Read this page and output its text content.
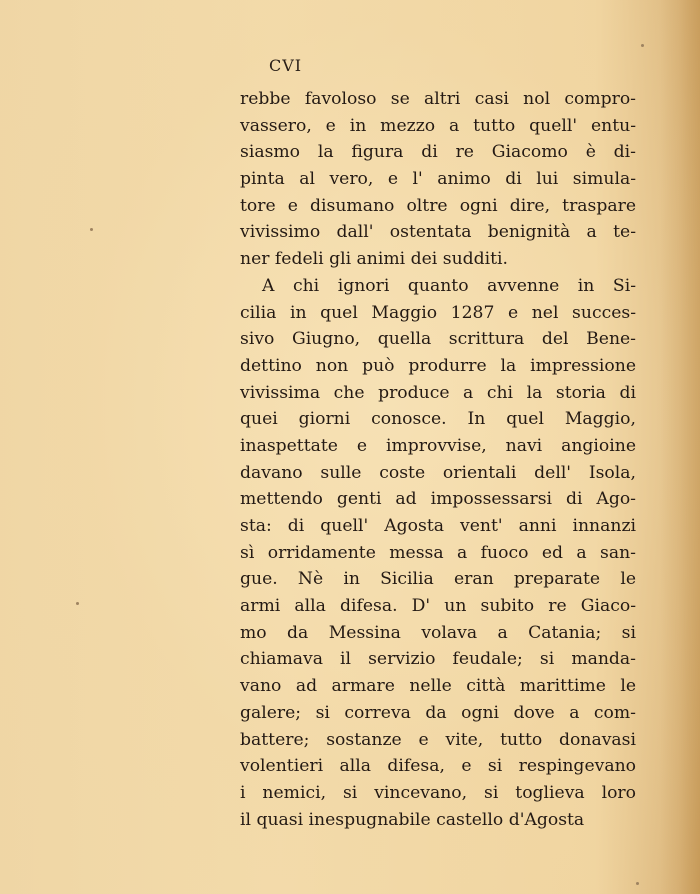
CVI

rebbe favoloso se altri casi nol compro-
vassero, e in mezzo a tutto quell' entu-
siasmo la figura di re Giacomo è di-
pinta al vero, e l' animo di lui simula-
tore e disumano oltre ogni dire, traspare
vivissimo dall' ostentata benignità a te-
ner fedeli gli animi dei sudditi.
A chi ignori quanto avvenne in Si-
cilia in quel Maggio 1287 e nel succes-
sivo Giugno, quella scrittura del Bene-
dettino non può produrre la impressione
vivissima che produce a chi la storia di
quei giorni conosce. In quel Maggio,
inaspettate e improvvise, navi angioine
davano sulle coste orientali dell' Isola,
mettendo genti ad impossessarsi di Ago-
sta: di quell' Agosta vent' anni innanzi
sì orridamente messa a fuoco ed a san-
gue. Nè in Sicilia eran preparate le
armi alla difesa. D' un subito re Giaco-
mo da Messina volava a Catania; si
chiamava il servizio feudale; si manda-
vano ad armare nelle città marittime le
galere; si correva da ogni dove a com-
battere; sostanze e vite, tutto donavasi
volentieri alla difesa, e si respingevano
i nemici, si vincevano, si toglieva loro
il quasi inespugnabile castello d'Agosta
